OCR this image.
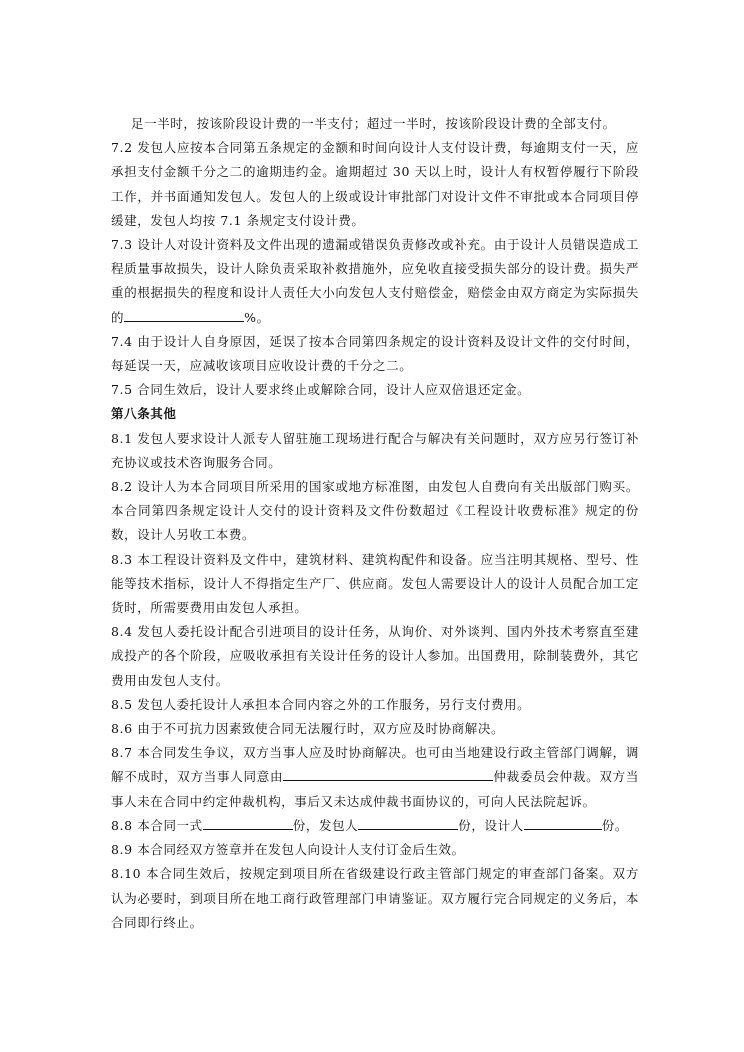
足一半时，按该阶段设计费的一半支付；超过一半时，按该阶段设计费的全部支付。

7.2 发包人应按本合同第五条规定的金额和时间向设计人支付设计费，每逾期支付一天，应承担支付金额千分之二的逾期违约金。逾期超过 30 天以上时，设计人有权暂停履行下阶段工作，并书面通知发包人。发包人的上级或设计审批部门对设计文件不审批或本合同项目停缓建，发包人均按 7.1 条规定支付设计费。

7.3 设计人对设计资料及文件出现的遗漏或错误负责修改或补充。由于设计人员错误造成工程质量事故损失，设计人除负责采取补救措施外，应免收直接受损失部分的设计费。损失严重的根据损失的程度和设计人责任大小向发包人支付赔偿金，赔偿金由双方商定为实际损失的	%。

7.4 由于设计人自身原因，延误了按本合同第四条规定的设计资料及设计文件的交付时间，每延误一天，应减收该项目应收设计费的千分之二。

7.5 合同生效后，设计人要求终止或解除合同，设计人应双倍退还定金。

第八条其他

8.1 发包人要求设计人派专人留驻施工现场进行配合与解决有关问题时，双方应另行签订补充协议或技术咨询服务合同。

8.2 设计人为本合同项目所采用的国家或地方标准图，由发包人自费向有关出版部门购买。本合同第四条规定设计人交付的设计资料及文件份数超过《工程设计收费标准》规定的份数，设计人另收工本费。

8.3 本工程设计资料及文件中，建筑材料、建筑构配件和设备。应当注明其规格、型号、性能等技术指标，设计人不得指定生产厂、供应商。发包人需要设计人的设计人员配合加工定货时，所需要费用由发包人承担。

8.4 发包人委托设计配合引进项目的设计任务，从询价、对外谈判、国内外技术考察直至建成投产的各个阶段，应吸收承担有关设计任务的设计人参加。出国费用，除制装费外，其它费用由发包人支付。

8.5 发包人委托设计人承担本合同内容之外的工作服务，另行支付费用。

8.6 由于不可抗力因素致使合同无法履行时，双方应及时协商解决。

8.7 本合同发生争议，双方当事人应及时协商解决。也可由当地建设行政主管部门调解，调解不成时，双方当事人同意由	仲裁委员会仲裁。双方当事人未在合同中约定仲裁机构，事后又未达成仲裁书面协议的，可向人民法院起诉。

8.8 本合同一式	份，发包人	份，设计人	份。

8.9 本合同经双方签章并在发包人向设计人支付订金后生效。

8.10 本合同生效后，按规定到项目所在省级建设行政主管部门规定的审查部门备案。双方认为必要时，到项目所在地工商行政管理部门申请鉴证。双方履行完合同规定的义务后，本合同即行终止。
